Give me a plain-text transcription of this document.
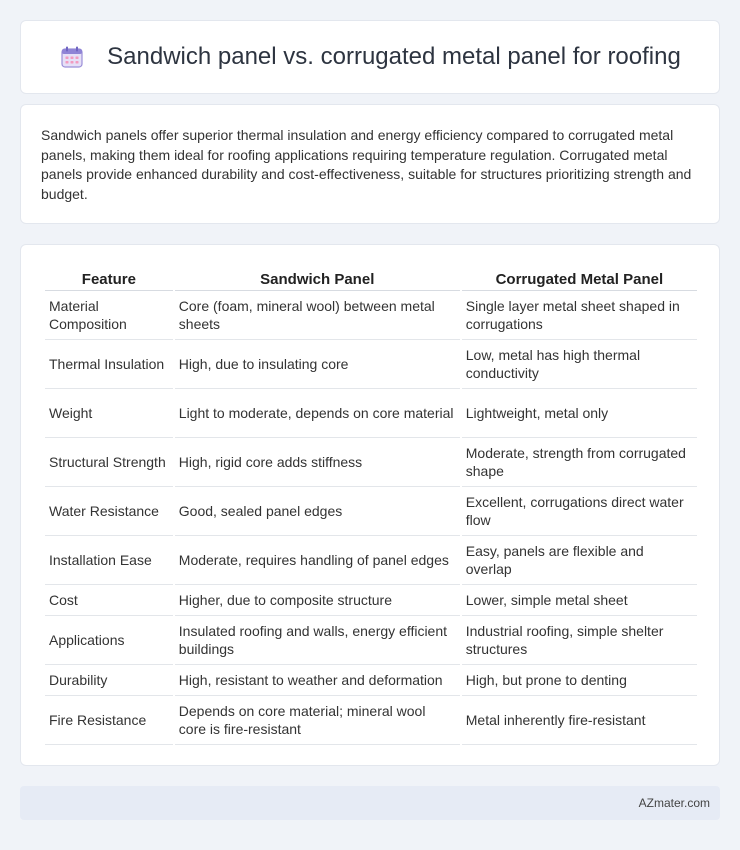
Sandwich panel vs. corrugated metal panel for roofing

Sandwich panels offer superior thermal insulation and energy efficiency compared to corrugated metal panels, making them ideal for roofing applications requiring temperature regulation. Corrugated metal panels provide enhanced durability and cost-effectiveness, suitable for structures prioritizing strength and budget.

Feature	Sandwich Panel	Corrugated Metal Panel
Material Composition	Core (foam, mineral wool) between metal sheets	Single layer metal sheet shaped in corrugations
Thermal Insulation	High, due to insulating core	Low, metal has high thermal conductivity
Weight	Light to moderate, depends on core material	Lightweight, metal only
Structural Strength	High, rigid core adds stiffness	Moderate, strength from corrugated shape
Water Resistance	Good, sealed panel edges	Excellent, corrugations direct water flow
Installation Ease	Moderate, requires handling of panel edges	Easy, panels are flexible and overlap
Cost	Higher, due to composite structure	Lower, simple metal sheet
Applications	Insulated roofing and walls, energy efficient buildings	Industrial roofing, simple shelter structures
Durability	High, resistant to weather and deformation	High, but prone to denting
Fire Resistance	Depends on core material; mineral wool core is fire-resistant	Metal inherently fire-resistant
AZmater.com
